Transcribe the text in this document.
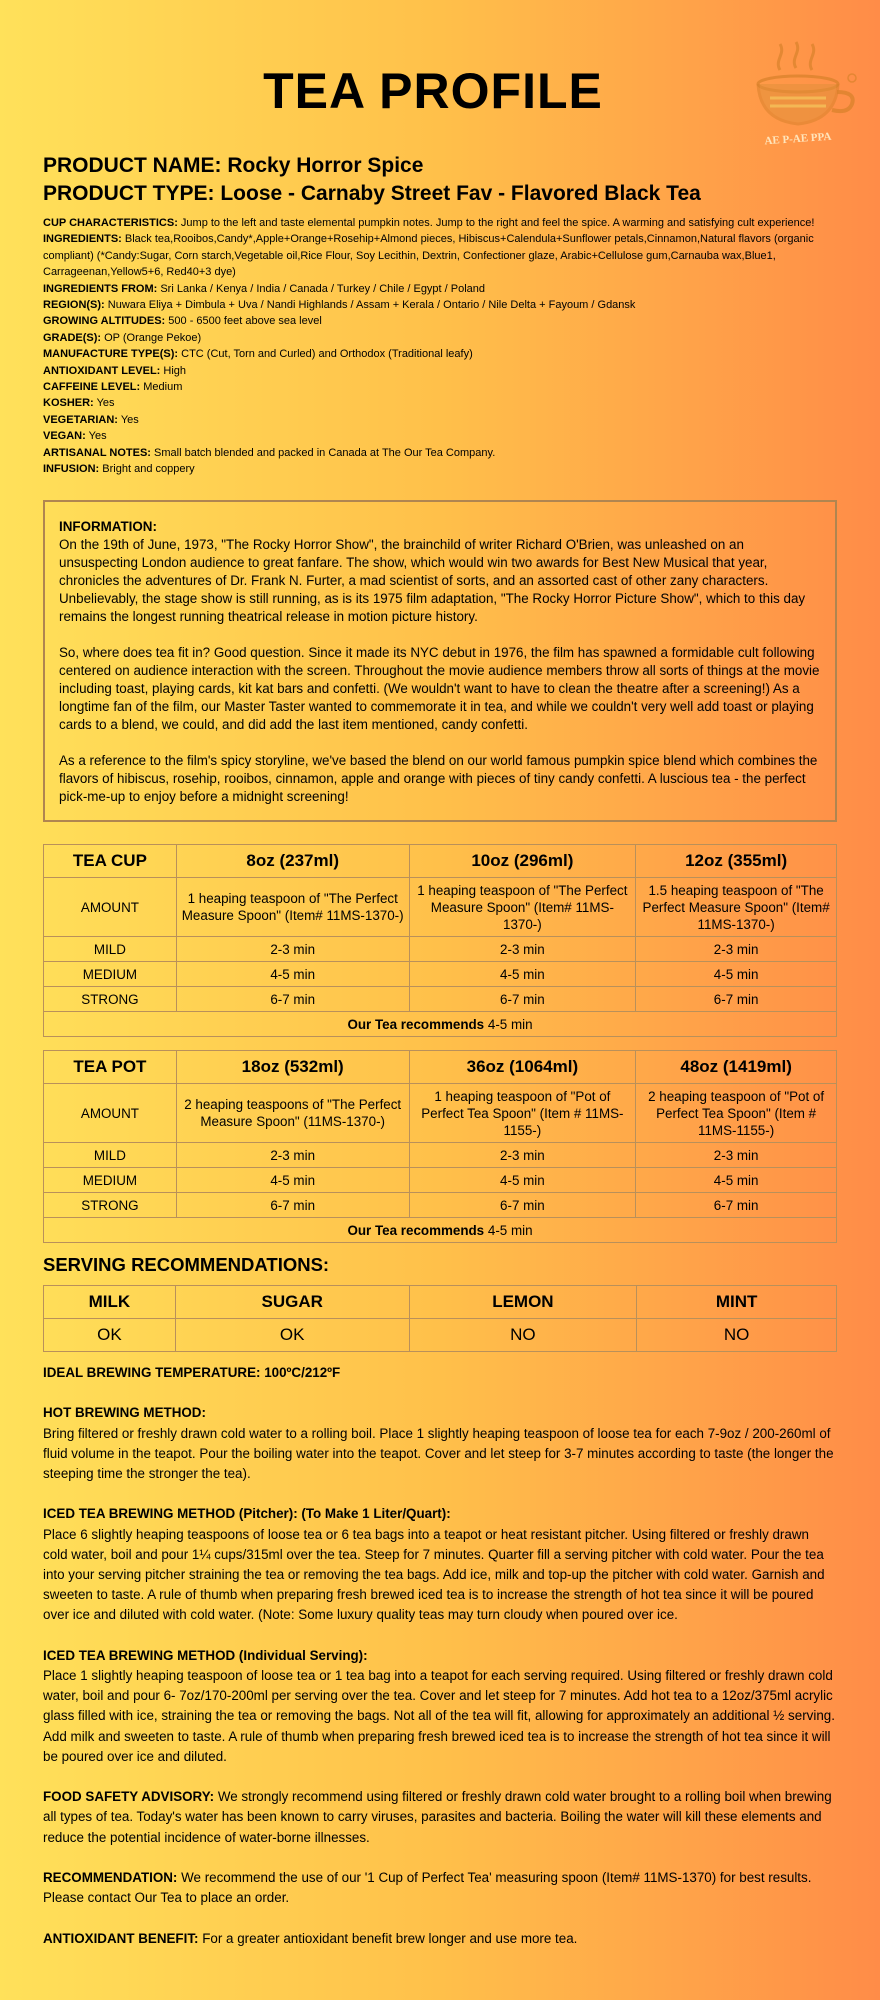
TEA PROFILE
AE P-AE PPA
PRODUCT NAME: Rocky Horror Spice
PRODUCT TYPE: Loose - Carnaby Street Fav - Flavored Black Tea
CUP CHARACTERISTICS: Jump to the left and taste elemental pumpkin notes. Jump to the right and feel the spice. A warming and satisfying cult experience!
INGREDIENTS: Black tea,Rooibos,Candy*,Apple+Orange+Rosehip+Almond pieces, Hibiscus+Calendula+Sunflower petals,Cinnamon,Natural flavors (organic compliant) (*Candy:Sugar, Corn starch,Vegetable oil,Rice Flour, Soy Lecithin, Dextrin, Confectioner glaze, Arabic+Cellulose gum,Carnauba wax,Blue1, Carrageenan,Yellow5+6, Red40+3 dye)
INGREDIENTS FROM: Sri Lanka / Kenya / India / Canada / Turkey / Chile / Egypt / Poland
REGION(S): Nuwara Eliya + Dimbula + Uva / Nandi Highlands / Assam + Kerala / Ontario / Nile Delta + Fayoum / Gdansk
GROWING ALTITUDES: 500 - 6500 feet above sea level
GRADE(S): OP (Orange Pekoe)
MANUFACTURE TYPE(S): CTC (Cut, Torn and Curled) and Orthodox (Traditional leafy)
ANTIOXIDANT LEVEL: High
CAFFEINE LEVEL: Medium
KOSHER: Yes
VEGETARIAN: Yes
VEGAN: Yes
ARTISANAL NOTES: Small batch blended and packed in Canada at The Our Tea Company.
INFUSION: Bright and coppery
INFORMATION:

On the 19th of June, 1973, "The Rocky Horror Show", the brainchild of writer Richard O'Brien, was unleashed on an unsuspecting London audience to great fanfare. The show, which would win two awards for Best New Musical that year, chronicles the adventures of Dr. Frank N. Furter, a mad scientist of sorts, and an assorted cast of other zany characters. Unbelievably, the stage show is still running, as is its 1975 film adaptation, "The Rocky Horror Picture Show", which to this day remains the longest running theatrical release in motion picture history.

So, where does tea fit in? Good question. Since it made its NYC debut in 1976, the film has spawned a formidable cult following centered on audience interaction with the screen. Throughout the movie audience members throw all sorts of things at the movie including toast, playing cards, kit kat bars and confetti. (We wouldn't want to have to clean the theatre after a screening!) As a longtime fan of the film, our Master Taster wanted to commemorate it in tea, and while we couldn't very well add toast or playing cards to a blend, we could, and did add the last item mentioned, candy confetti.

As a reference to the film's spicy storyline, we've based the blend on our world famous pumpkin spice blend which combines the flavors of hibiscus, rosehip, rooibos, cinnamon, apple and orange with pieces of tiny candy confetti. A luscious tea - the perfect pick-me-up to enjoy before a midnight screening!

TEA CUP	8oz (237ml)	10oz (296ml)	12oz (355ml)
AMOUNT	1 heaping teaspoon of "The Perfect Measure Spoon" (Item# 11MS-1370-)	1 heaping teaspoon of "The Perfect Measure Spoon" (Item# 11MS-1370-)	1.5 heaping teaspoon of "The Perfect Measure Spoon" (Item# 11MS-1370-)
MILD	2-3 min	2-3 min	2-3 min
MEDIUM	4-5 min	4-5 min	4-5 min
STRONG	6-7 min	6-7 min	6-7 min
Our Tea recommends 4-5 min			
TEA POT	18oz (532ml)	36oz (1064ml)	48oz (1419ml)
AMOUNT	2 heaping teaspoons of "The Perfect Measure Spoon" (11MS-1370-)	1 heaping teaspoon of "Pot of Perfect Tea Spoon" (Item # 11MS-1155-)	2 heaping teaspoon of "Pot of Perfect Tea Spoon" (Item # 11MS-1155-)
MILD	2-3 min	2-3 min	2-3 min
MEDIUM	4-5 min	4-5 min	4-5 min
STRONG	6-7 min	6-7 min	6-7 min
Our Tea recommends 4-5 min			
SERVING RECOMMENDATIONS:
MILK	SUGAR	LEMON	MINT
OK	OK	NO	NO

IDEAL BREWING TEMPERATURE: 100ºC/212ºF

HOT BREWING METHOD:
Bring filtered or freshly drawn cold water to a rolling boil. Place 1 slightly heaping teaspoon of loose tea for each 7-9oz / 200-260ml of fluid volume in the teapot. Pour the boiling water into the teapot. Cover and let steep for 3-7 minutes according to taste (the longer the steeping time the stronger the tea).

ICED TEA BREWING METHOD (Pitcher): (To Make 1 Liter/Quart):
Place 6 slightly heaping teaspoons of loose tea or 6 tea bags into a teapot or heat resistant pitcher. Using filtered or freshly drawn cold water, boil and pour 1¼ cups/315ml over the tea. Steep for 7 minutes. Quarter fill a serving pitcher with cold water. Pour the tea into your serving pitcher straining the tea or removing the tea bags. Add ice, milk and top-up the pitcher with cold water. Garnish and sweeten to taste. A rule of thumb when preparing fresh brewed iced tea is to increase the strength of hot tea since it will be poured over ice and diluted with cold water. (Note: Some luxury quality teas may turn cloudy when poured over ice.

ICED TEA BREWING METHOD (Individual Serving):
Place 1 slightly heaping teaspoon of loose tea or 1 tea bag into a teapot for each serving required. Using filtered or freshly drawn cold water, boil and pour 6- 7oz/170-200ml per serving over the tea. Cover and let steep for 7 minutes. Add hot tea to a 12oz/375ml acrylic glass filled with ice, straining the tea or removing the bags. Not all of the tea will fit, allowing for approximately an additional ½ serving. Add milk and sweeten to taste. A rule of thumb when preparing fresh brewed iced tea is to increase the strength of hot tea since it will be poured over ice and diluted.

FOOD SAFETY ADVISORY: We strongly recommend using filtered or freshly drawn cold water brought to a rolling boil when brewing all types of tea. Today's water has been known to carry viruses, parasites and bacteria. Boiling the water will kill these elements and reduce the potential incidence of water-borne illnesses.

RECOMMENDATION: We recommend the use of our '1 Cup of Perfect Tea' measuring spoon (Item# 11MS-1370) for best results. Please contact Our Tea to place an order.

ANTIOXIDANT BENEFIT: For a greater antioxidant benefit brew longer and use more tea.
